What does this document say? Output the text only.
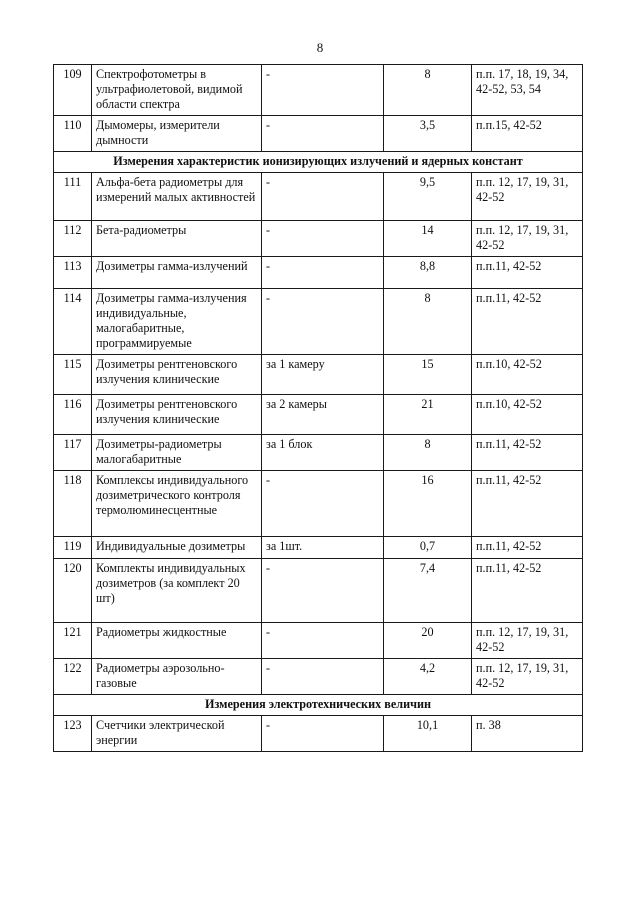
8
109	Спектрофотометры в ультрафиолетовой, видимой области спектра	-	8	п.п. 17, 18, 19, 34, 42-52, 53, 54
110	Дымомеры, измерители дымности	-	3,5	п.п.15, 42-52
Измерения характеристик ионизирующих излучений и ядерных констант				
111	Альфа-бета радиометры для измерений малых активностей	-	9,5	п.п. 12, 17, 19, 31, 42-52
112	Бета-радиометры	-	14	п.п. 12, 17, 19, 31, 42-52
113	Дозиметры гамма-излучений	-	8,8	п.п.11, 42-52
114	Дозиметры гамма-излучения индивидуальные, малогабаритные, программируемые	-	8	п.п.11, 42-52
115	Дозиметры рентгеновского излучения клинические	за 1 камеру	15	п.п.10, 42-52
116	Дозиметры рентгеновского излучения клинические	за 2 камеры	21	п.п.10, 42-52
117	Дозиметры-радиометры малогабаритные	за 1 блок	8	п.п.11, 42-52
118	Комплексы индивидуального дозиметрического контроля термолюминесцентные	-	16	п.п.11, 42-52
119	Индивидуальные дозиметры	за 1шт.	0,7	п.п.11, 42-52
120	Комплекты индивидуальных дозиметров (за комплект 20 шт)	-	7,4	п.п.11, 42-52
121	Радиометры жидкостные	-	20	п.п. 12, 17, 19, 31, 42-52
122	Радиометры аэрозольно-газовые	-	4,2	п.п. 12, 17, 19, 31, 42-52
Измерения электротехнических величин				
123	Счетчики электрической энергии	-	10,1	п. 38
